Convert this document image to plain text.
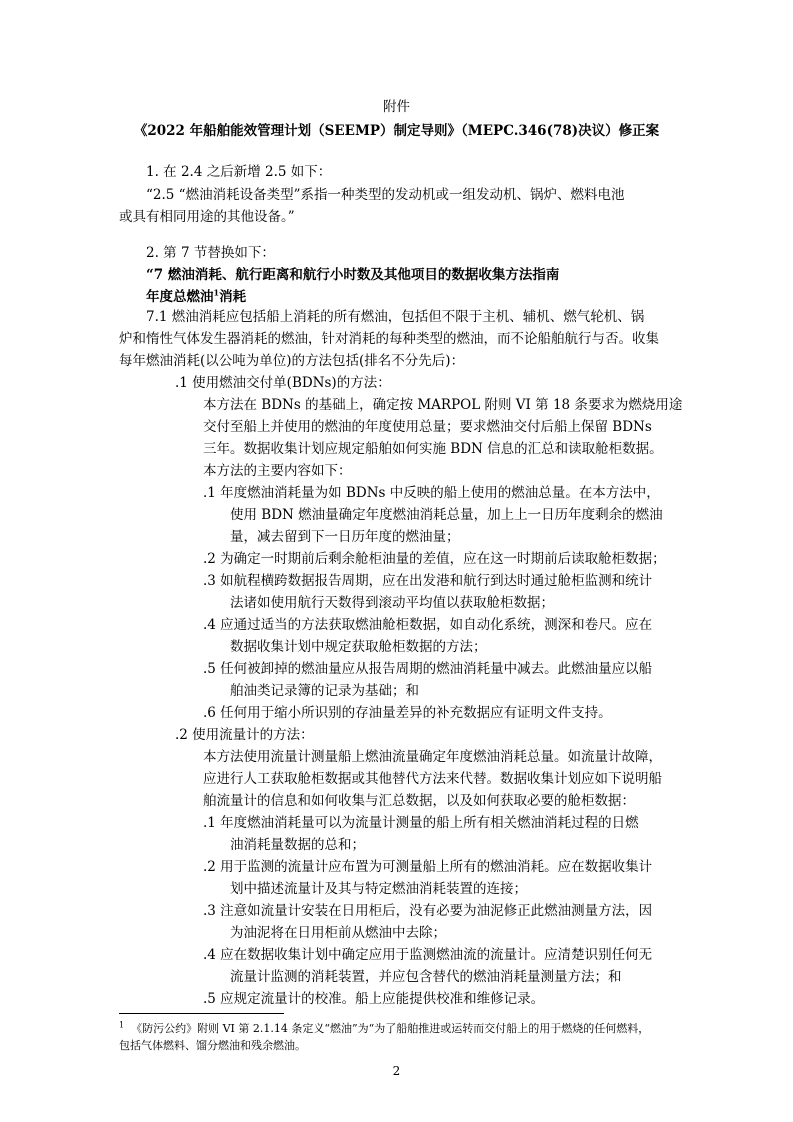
附件
《2022 年船舶能效管理计划（SEEMP）制定导则》（MEPC.346(78)决议）修正案
1. 在 2.4 之后新增 2.5 如下：
“2.5 “燃油消耗设备类型”系指一种类型的发动机或一组发动机、锅炉、燃料电池
或具有相同用途的其他设备。”
2. 第 7 节替换如下：
“7 燃油消耗、航行距离和航行小时数及其他项目的数据收集方法指南
年度总燃油$^1$消耗
7.1 燃油消耗应包括船上消耗的所有燃油，包括但不限于主机、辅机、燃气轮机、锅
炉和惰性气体发生器消耗的燃油，针对消耗的每种类型的燃油，而不论船舶航行与否。收集
每年燃油消耗(以公吨为单位)的方法包括(排名不分先后)：
.1 使用燃油交付单(BDNs)的方法：
本方法在 BDNs 的基础上，确定按 MARPOL 附则 VI 第 18 条要求为燃烧用途
交付至船上并使用的燃油的年度使用总量；要求燃油交付后船上保留 BDNs
三年。数据收集计划应规定船舶如何实施 BDN 信息的汇总和读取舱柜数据。
本方法的主要内容如下：
.1 年度燃油消耗量为如 BDNs 中反映的船上使用的燃油总量。在本方法中，
使用 BDN 燃油量确定年度燃油消耗总量，加上上一日历年度剩余的燃油
量，减去留到下一日历年度的燃油量；
.2 为确定一时期前后剩余舱柜油量的差值，应在这一时期前后读取舱柜数据；
.3 如航程横跨数据报告周期，应在出发港和航行到达时通过舱柜监测和统计
法诸如使用航行天数得到滚动平均值以获取舱柜数据；
.4 应通过适当的方法获取燃油舱柜数据，如自动化系统，测深和卷尺。应在
数据收集计划中规定获取舱柜数据的方法；
.5 任何被卸掉的燃油量应从报告周期的燃油消耗量中减去。此燃油量应以船
舶油类记录簿的记录为基础；和
.6 任何用于缩小所识别的存油量差异的补充数据应有证明文件支持。
.2 使用流量计的方法：
本方法使用流量计测量船上燃油流量确定年度燃油消耗总量。如流量计故障，
应进行人工获取舱柜数据或其他替代方法来代替。数据收集计划应如下说明船
舶流量计的信息和如何收集与汇总数据，以及如何获取必要的舱柜数据：
.1 年度燃油消耗量可以为流量计测量的船上所有相关燃油消耗过程的日燃
油消耗量数据的总和；
.2 用于监测的流量计应布置为可测量船上所有的燃油消耗。应在数据收集计
划中描述流量计及其与特定燃油消耗装置的连接；
.3 注意如流量计安装在日用柜后，没有必要为油泥修正此燃油测量方法，因
为油泥将在日用柜前从燃油中去除；
.4 应在数据收集计划中确定应用于监测燃油流的流量计。应清楚识别任何无
流量计监测的消耗装置，并应包含替代的燃油消耗量测量方法；和
.5 应规定流量计的校准。船上应能提供校准和维修记录。
$^1$ 《防污公约》附则 VI 第 2.1.14 条定义“燃油”为“为了船舶推进或运转而交付船上的用于燃烧的任何燃料，
包括气体燃料、馏分燃油和残余燃油。
2
